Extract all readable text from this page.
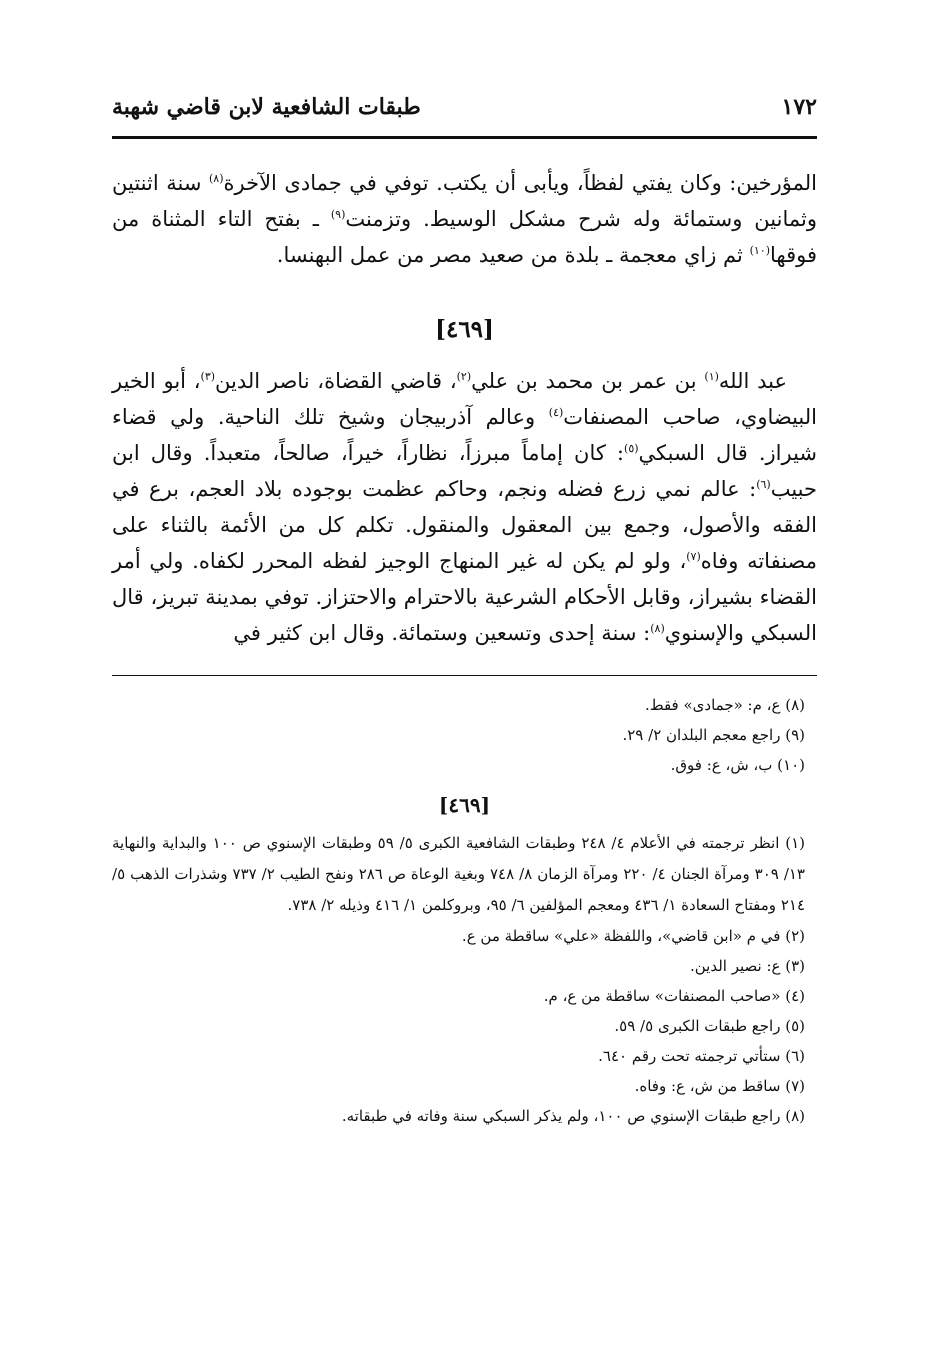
١٧٢
طبقات الشافعية لابن قاضي شهبة

المؤرخين: وكان يفتي لفظاً، ويأبى أن يكتب. توفي في جمادى الآخرة$^{(٨)}$ سنة اثنتين وثمانين وستمائة وله شرح مشكل الوسيط. وتزمنت$^{(٩)}$ ـ بفتح التاء المثناة من فوقها$^{(١٠)}$ ثم زاي معجمة ـ بلدة من صعيد مصر من عمل البهنسا.

[٤٦٩]

عبد الله$^{(١)}$ بن عمر بن محمد بن علي$^{(٢)}$، قاضي القضاة، ناصر الدين$^{(٣)}$، أبو الخير البيضاوي، صاحب المصنفات$^{(٤)}$ وعالم آذربيجان وشيخ تلك الناحية. ولي قضاء شيراز. قال السبكي$^{(٥)}$: كان إماماً مبرزاً، نظاراً، خيراً، صالحاً، متعبداً. وقال ابن حبيب$^{(٦)}$: عالم نمي زرع فضله ونجم، وحاكم عظمت بوجوده بلاد العجم، برع في الفقه والأصول، وجمع بين المعقول والمنقول. تكلم كل من الأئمة بالثناء على مصنفاته وفاه$^{(٧)}$، ولو لم يكن له غير المنهاج الوجيز لفظه المحرر لكفاه. ولي أمر القضاء بشيراز، وقابل الأحكام الشرعية بالاحترام والاحتزاز. توفي بمدينة تبريز، قال السبكي والإسنوي$^{(٨)}$: سنة إحدى وتسعين وستمائة. وقال ابن كثير في

(٨) ع، م: «جمادى» فقط.
(٩) راجع معجم البلدان ٢/ ٢٩.
(١٠) ب، ش، ع: فوق.
[٤٦٩]
(١) انظر ترجمته في الأعلام ٤/ ٢٤٨ وطبقات الشافعية الكبرى ٥/ ٥٩ وطبقات الإسنوي ص ١٠٠ والبداية والنهاية ١٣/ ٣٠٩ ومرآة الجنان ٤/ ٢٢٠ ومرآة الزمان ٨/ ٧٤٨ وبغية الوعاة ص ٢٨٦ ونفح الطيب ٢/ ٧٣٧ وشذرات الذهب ٥/ ٢١٤ ومفتاح السعادة ١/ ٤٣٦ ومعجم المؤلفين ٦/ ٩٥، وبروكلمن ١/ ٤١٦ وذيله ٢/ ٧٣٨.
(٢) في م «ابن قاضي»، واللفظة «علي» ساقطة من ع.
(٣) ع: نصير الدين.
(٤) «صاحب المصنفات» ساقطة من ع، م.
(٥) راجع طبقات الكبرى ٥/ ٥٩.
(٦) ستأتي ترجمته تحت رقم ٦٤٠.
(٧) ساقط من ش، ع: وفاه.
(٨) راجع طبقات الإسنوي ص ١٠٠، ولم يذكر السبكي سنة وفاته في طبقاته.
